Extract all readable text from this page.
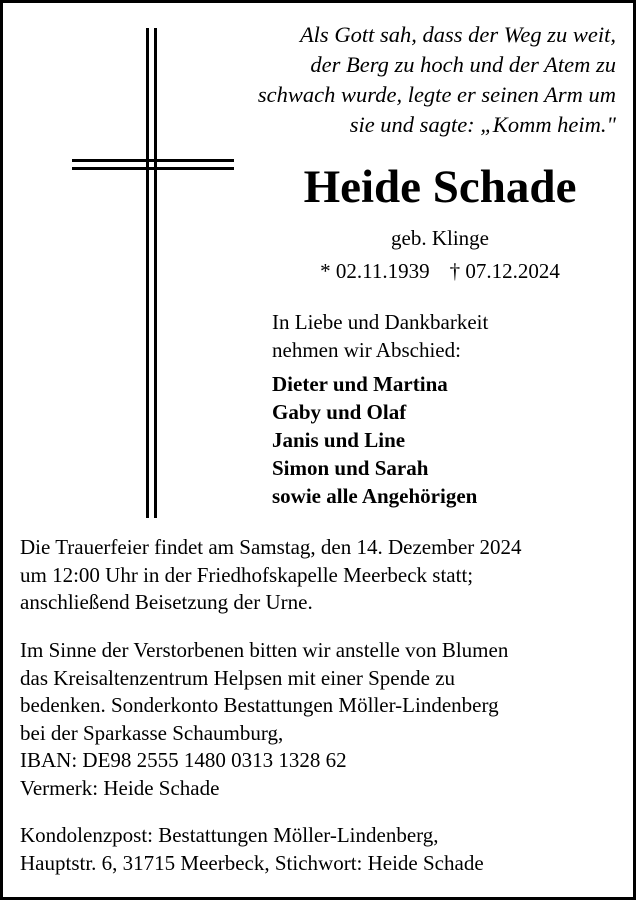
Als Gott sah, dass der Weg zu weit,
der Berg zu hoch und der Atem zu
schwach wurde, legte er seinen Arm um
sie und sagte: „Komm heim."

Heide Schade

geb. Klinge

* 02.11.1939 † 07.12.2024

In Liebe und Dankbarkeit
nehmen wir Abschied:

Dieter und Martina
Gaby und Olaf
Janis und Line
Simon und Sarah
sowie alle Angehörigen

Die Trauerfeier findet am Samstag, den 14. Dezember 2024
um 12:00 Uhr in der Friedhofskapelle Meerbeck statt;
anschließend Beisetzung der Urne.

Im Sinne der Verstorbenen bitten wir anstelle von Blumen
das Kreisaltenzentrum Helpsen mit einer Spende zu
bedenken. Sonderkonto Bestattungen Möller-Lindenberg
bei der Sparkasse Schaumburg,
IBAN: DE98 2555 1480 0313 1328 62
Vermerk: Heide Schade

Kondolenzpost: Bestattungen Möller-Lindenberg,
Hauptstr. 6, 31715 Meerbeck, Stichwort: Heide Schade
